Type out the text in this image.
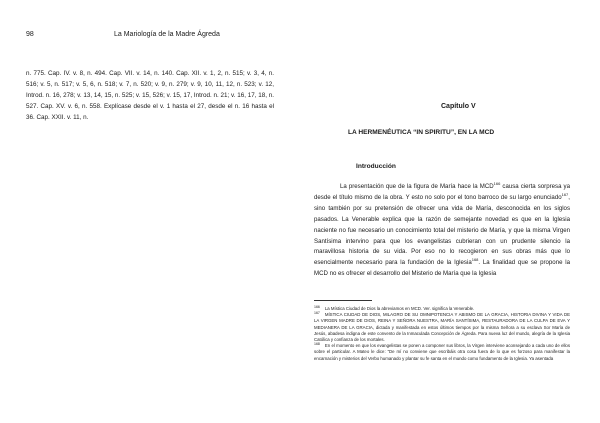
98	La Mariología de la Madre Ágreda
n. 775. Cap. IV. v. 8, n. 494. Cap. VII. v. 14, n. 140. Cap. XII. v. 1, 2, n. 515; v. 3, 4, n. 516; v. 5, n. 517; v. 5, 6, n. 518; v. 7, n. 520; v. 9, n. 279; v. 9, 10, 11, 12, n. 523; v. 12, Introd. n. 16, 278; v. 13, 14, 15, n. 525; v. 15, 526; v. 15, 17, Introd. n. 21; v. 16, 17, 18, n. 527. Cap. XV. v. 6, n. 558. Explícase desde el v. 1 hasta el 27, desde el n. 16 hasta el 36. Cap. XXII. v. 11, n.
Capítulo V
LA HERMENÉUTICA “IN SPIRITU”, EN LA MCD
Introducción
La presentación que de la figura de María hace la MCD$^{166}$ causa cierta sorpresa ya desde el título mismo de la obra. Y esto no solo por el tono barroco de su largo enunciado$^{167}$, sino también por su pretensión de ofrecer una vida de María, desconocida en los siglos pasados. La Venerable explica que la razón de semejante novedad es que en la Iglesia naciente no fue necesario un conocimiento total del misterio de María, y que la misma Virgen Santísima intervino para que los evangelistas cubrieran con un prudente silencio la maravillosa historia de su vida. Por eso no lo recogieron en sus obras más que lo esencialmente necesario para la fundación de la Iglesia$^{168}$. La finalidad que se propone la MCD no es ofrecer el desarrollo del Misterio de María que la Iglesia

$^{166}$ La Mística Ciudad de Dios la abreviamos en MCD. Ver. significa la Venerable.

$^{167}$ MÍSTICA CIUDAD DE DIOS, MILAGRO DE SU OMNIPOTENCIA Y ABISMO DE LA GRACIA, HISTORIA DIVINA Y VIDA DE LA VIRGEN MADRE DE DIOS, REINA Y SEÑORA NUESTRA, MARÍA SANTÍSIMA, RESTAURADORA DE LA CULPA DE EVA Y MEDIANERA DE LA GRACIA, dictada y manifestada en estos últimos tiempos por la misma Señora a su esclava Sor María de Jesús, abadesa indigna de este convento de la Inmaculada Concepción de Ágreda. Para nueva luz del mundo, alegría de la Iglesia Católica y confianza de los mortales.

$^{168}$ En el momento en que los evangelistas se ponen a componer sus libros, la Virgen interviene aconsejando a cada uno de ellos sobre el particular. A Mateo le dice: “De mí no conviene que escribáis otra cosa fuera de lo que es forzoso para manifestar la encarnación y misterios del Verbo humanado y plantar su fe santa en el mundo como fundamento de la Iglesia. Ya asentada
